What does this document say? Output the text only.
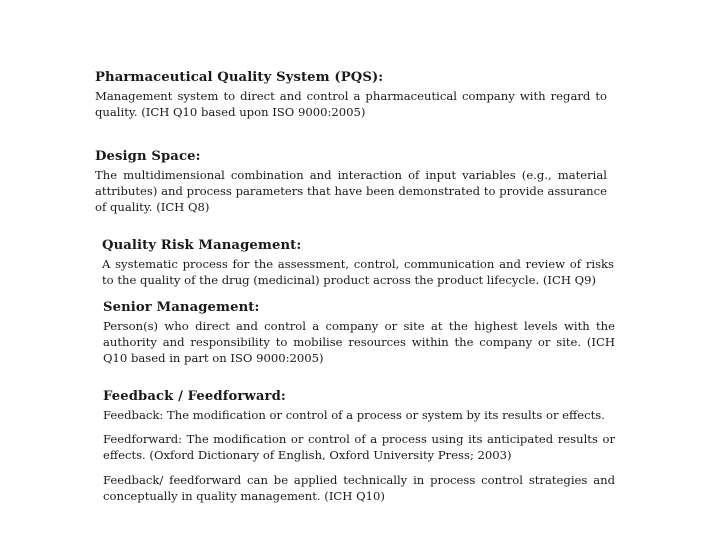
Pharmaceutical Quality System (PQS):

Management system to direct and control a pharmaceutical company with regard to quality. (ICH Q10 based upon ISO 9000:2005)

Design Space:

The multidimensional combination and interaction of input variables (e.g., material attributes) and process parameters that have been demonstrated to provide assurance of quality. (ICH Q8)

Quality Risk Management:

A systematic process for the assessment, control, communication and review of risks to the quality of the drug (medicinal) product across the product lifecycle. (ICH Q9)

Senior Management:

Person(s) who direct and control a company or site at the highest levels with the authority and responsibility to mobilise resources within the company or site. (ICH Q10 based in part on ISO 9000:2005)

Feedback / Feedforward:

Feedback: The modification or control of a process or system by its results or effects.

Feedforward: The modification or control of a process using its anticipated results or effects. (Oxford Dictionary of English, Oxford University Press; 2003)

Feedback/ feedforward can be applied technically in process control strategies and conceptually in quality management. (ICH Q10)
